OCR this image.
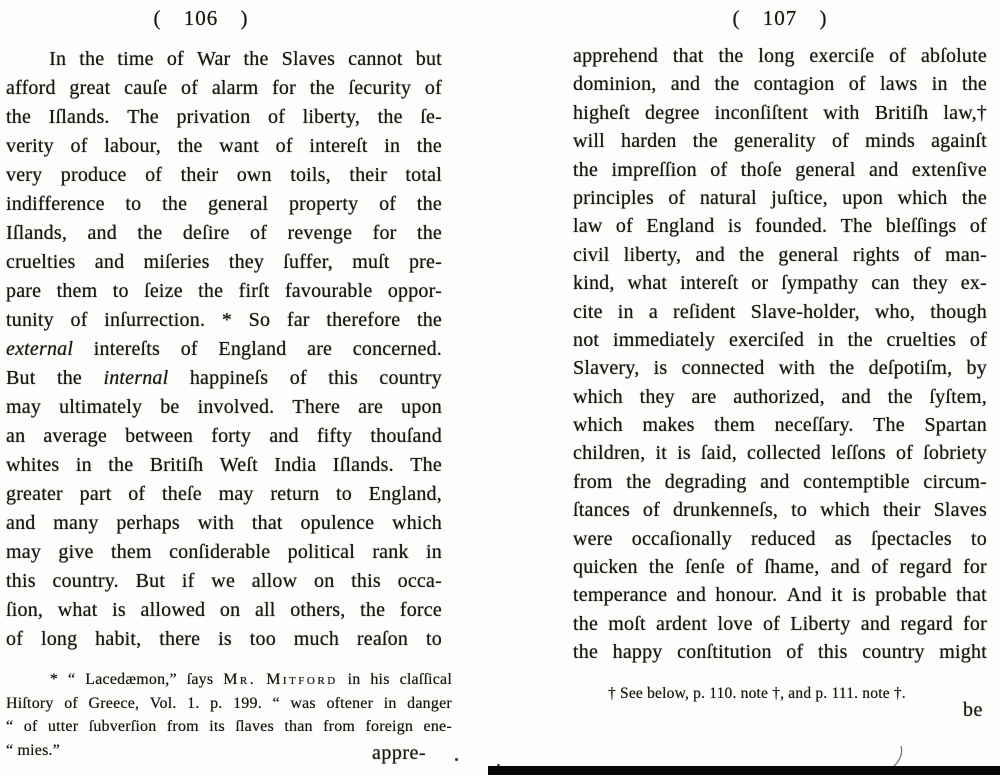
( 106 )
In the time of War the Slaves cannot but
afford great cauſe of alarm for the ſecurity of
the Iſlands. The privation of liberty, the ſe-
verity of labour, the want of intereſt in the
very produce of their own toils, their total
indifference to the general property of the
Iſlands, and the deſire of revenge for the
cruelties and miſeries they ſuffer, muſt pre-
pare them to ſeize the firſt favourable oppor-
tunity of inſurrection. * So far therefore the
external intereſts of England are concerned.
But the internal happineſs of this country
may ultimately be involved. There are upon
an average between forty and fifty thouſand
whites in the Britiſh Weſt India Iſlands. The
greater part of theſe may return to England,
and many perhaps with that opulence which
may give them conſiderable political rank in
this country. But if we allow on this occa-
ſion, what is allowed on all others, the force
of long habit, there is too much reaſon to
* “ Lacedæmon,” ſays Mr. Mitford in his claſſical
Hiſtory of Greece, Vol. 1. p. 199. “ was oftener in danger
“ of utter ſubverſion from its ſlaves than from foreign ene-
“ mies.”
( 107 )
apprehend that the long exerciſe of abſolute
dominion, and the contagion of laws in the
higheſt degree inconſiſtent with Britiſh law,†
will harden the generality of minds againſt
the impreſſion of thoſe general and extenſive
principles of natural juſtice, upon which the
law of England is founded. The bleſſings of
civil liberty, and the general rights of man-
kind, what intereſt or ſympathy can they ex-
cite in a reſident Slave-holder, who, though
not immediately exerciſed in the cruelties of
Slavery, is connected with the deſpotiſm, by
which they are authorized, and the ſyſtem,
which makes them neceſſary. The Spartan
children, it is ſaid, collected leſſons of ſobriety
from the degrading and contemptible circum-
ſtances of drunkenneſs, to which their Slaves
were occaſionally reduced as ſpectacles to
quicken the ſenſe of ſhame, and of regard for
temperance and honour. And it is probable that
the moſt ardent love of Liberty and regard for
the happy conſtitution of this country might
† See below, p. 110. note †, and p. 111. note †.
appre-
be
